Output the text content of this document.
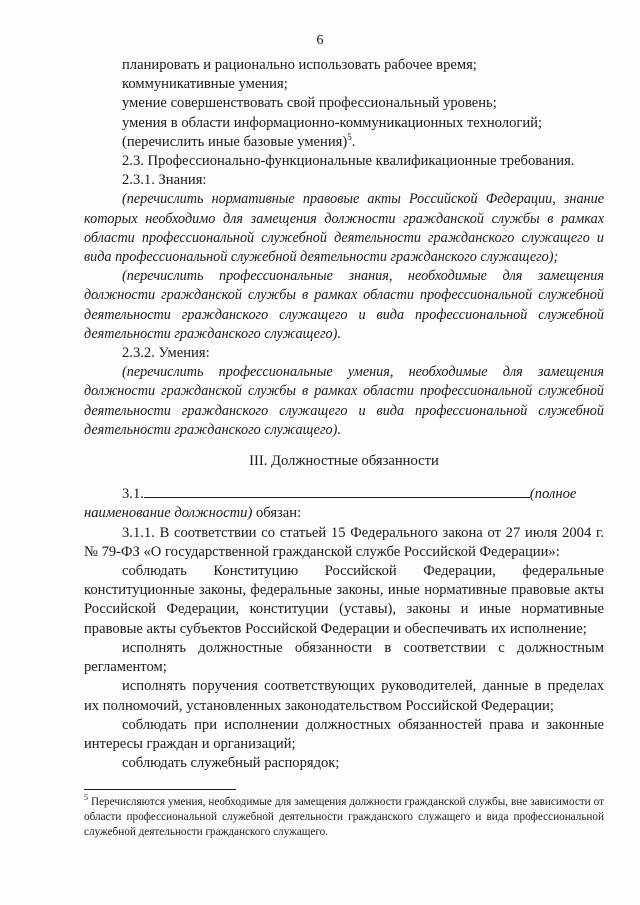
6

планировать и рационально использовать рабочее время;

коммуникативные умения;

умение совершенствовать свой профессиональный уровень;

умения в области информационно-коммуникационных технологий;

(перечислить иные базовые умения)$^5$.

2.3. Профессионально-функциональные квалификационные требования.

2.3.1. Знания:

(перечислить нормативные правовые акты Российской Федерации, знание которых необходимо для замещения должности гражданской службы в рамках области профессиональной служебной деятельности гражданского служащего и вида профессиональной служебной деятельности гражданского служащего);

(перечислить профессиональные знания, необходимые для замещения должности гражданской службы в рамках области профессиональной служебной деятельности гражданского служащего и вида профессиональной служебной деятельности гражданского служащего).

2.3.2. Умения:

(перечислить профессиональные умения, необходимые для замещения должности гражданской службы в рамках области профессиональной служебной деятельности гражданского служащего и вида профессиональной служебной деятельности гражданского служащего).

III. Должностные обязанности

3.1.	(полное

наименование должности) обязан:

3.1.1. В соответствии со статьей 15 Федерального закона от 27 июля 2004 г. № 79-ФЗ «О государственной гражданской службе Российской Федерации»:

соблюдать Конституцию Российской Федерации, федеральные конституционные законы, федеральные законы, иные нормативные правовые акты Российской Федерации, конституции (уставы), законы и иные нормативные правовые акты субъектов Российской Федерации и обеспечивать их исполнение;

исполнять должностные обязанности в соответствии с должностным регламентом;

исполнять поручения соответствующих руководителей, данные в пределах их полномочий, установленных законодательством Российской Федерации;

соблюдать при исполнении должностных обязанностей права и законные интересы граждан и организаций;

соблюдать служебный распорядок;

$^5$ Перечисляются умения, необходимые для замещения должности гражданской службы, вне зависимости от области профессиональной служебной деятельности гражданского служащего и вида профессиональной служебной деятельности гражданского служащего.
